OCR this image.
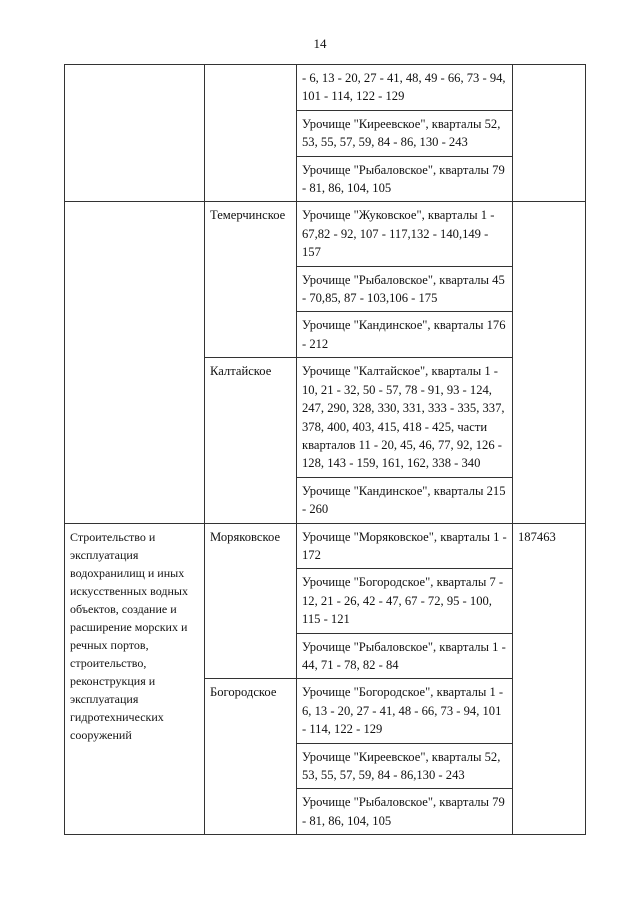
14
		- 6, 13 - 20, 27 - 41, 48, 49 - 66, 73 - 94, 101 - 114, 122 - 129	
		Урочище "Киреевское", кварталы 52, 53, 55, 57, 59, 84 - 86, 130 - 243	
		Урочище "Рыбаловское", кварталы 79 - 81, 86, 104, 105	
	Темерчинское	Урочище "Жуковское", кварталы 1 - 67,82 - 92, 107 - 117,132 - 140,149 - 157	
		Урочище "Рыбаловское", кварталы 45 - 70,85, 87 - 103,106 - 175	
		Урочище "Кандинское", кварталы 176 - 212	
	Калтайское	Урочище "Калтайское", кварталы 1 - 10, 21 - 32, 50 - 57, 78 - 91, 93 - 124, 247, 290, 328, 330, 331, 333 - 335, 337, 378, 400, 403, 415, 418 - 425, части кварталов 11 - 20, 45, 46, 77, 92, 126 - 128, 143 - 159, 161, 162, 338 - 340	
		Урочище "Кандинское", кварталы 215 - 260	
Строительство и эксплуатация водохранилищ и иных искусственных водных объектов, создание и расширение морских и речных портов, строительство, реконструкция и эксплуатация гидротехнических сооружений	Моряковское	Урочище "Моряковское", кварталы 1 - 172	187463
		Урочище "Богородское", кварталы 7 - 12, 21 - 26, 42 - 47, 67 - 72, 95 - 100, 115 - 121	
		Урочище "Рыбаловское", кварталы 1 - 44, 71 - 78, 82 - 84	
	Богородское	Урочище "Богородское", кварталы 1 - 6, 13 - 20, 27 - 41, 48 - 66, 73 - 94, 101 - 114, 122 - 129	
		Урочище "Киреевское", кварталы 52, 53, 55, 57, 59, 84 - 86,130 - 243	
		Урочище "Рыбаловское", кварталы 79 - 81, 86, 104, 105	
